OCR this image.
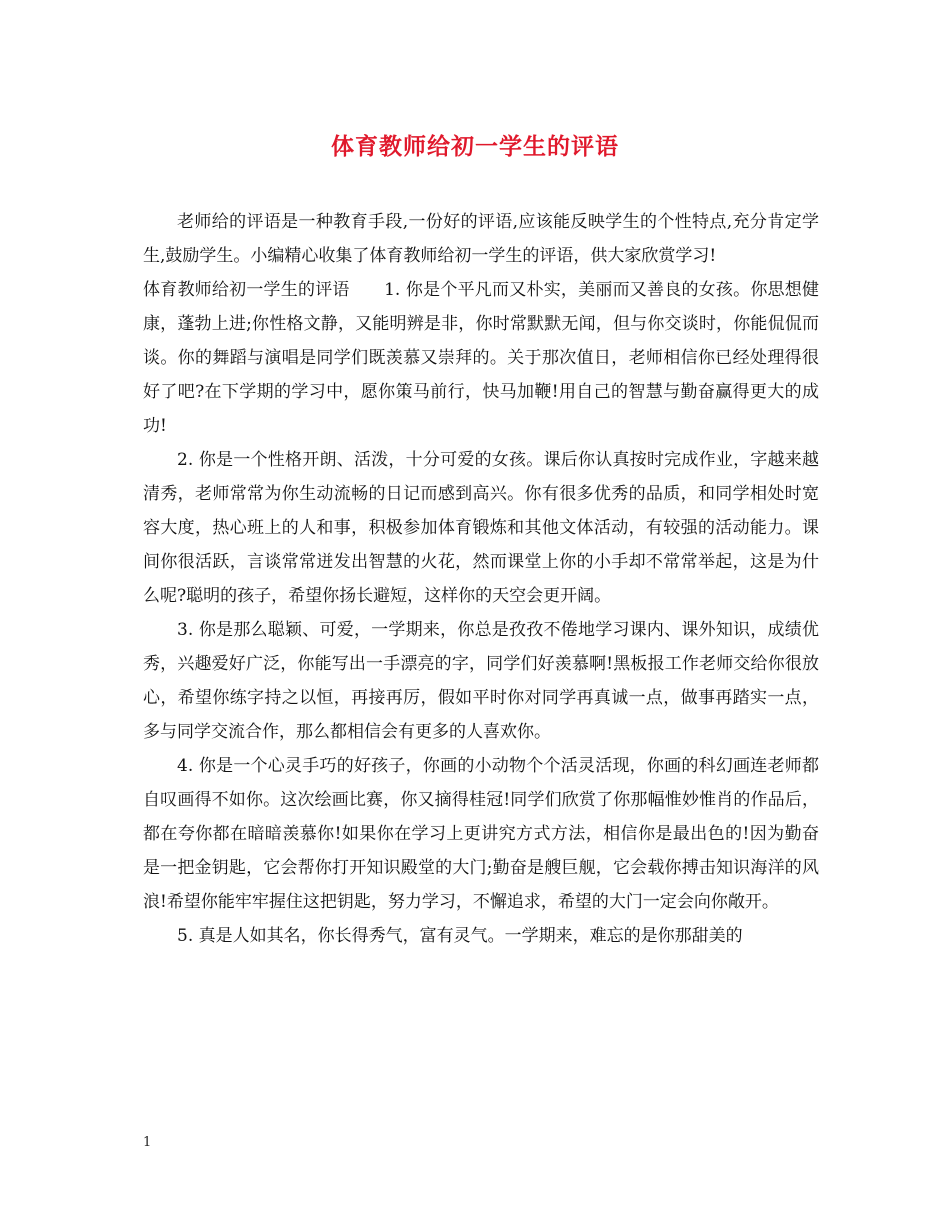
体育教师给初一学生的评语

老师给的评语是一种教育手段,一份好的评语,应该能反映学生的个性特点,充分肯定学生,鼓励学生。小编精心收集了体育教师给初一学生的评语，供大家欣赏学习!

体育教师给初一学生的评语　　1. 你是个平凡而又朴实，美丽而又善良的女孩。你思想健康，蓬勃上进;你性格文静，又能明辨是非，你时常默默无闻，但与你交谈时，你能侃侃而谈。你的舞蹈与演唱是同学们既羡慕又崇拜的。关于那次值日，老师相信你已经处理得很好了吧?在下学期的学习中，愿你策马前行，快马加鞭!用自己的智慧与勤奋赢得更大的成功!

2. 你是一个性格开朗、活泼，十分可爱的女孩。课后你认真按时完成作业，字越来越清秀，老师常常为你生动流畅的日记而感到高兴。你有很多优秀的品质，和同学相处时宽容大度，热心班上的人和事，积极参加体育锻炼和其他文体活动，有较强的活动能力。课间你很活跃，言谈常常迸发出智慧的火花，然而课堂上你的小手却不常常举起，这是为什么呢?聪明的孩子，希望你扬长避短，这样你的天空会更开阔。

3. 你是那么聪颖、可爱，一学期来，你总是孜孜不倦地学习课内、课外知识，成绩优秀，兴趣爱好广泛，你能写出一手漂亮的字，同学们好羡慕啊!黑板报工作老师交给你很放心，希望你练字持之以恒，再接再厉，假如平时你对同学再真诚一点，做事再踏实一点，多与同学交流合作，那么都相信会有更多的人喜欢你。

4. 你是一个心灵手巧的好孩子，你画的小动物个个活灵活现，你画的科幻画连老师都自叹画得不如你。这次绘画比赛，你又摘得桂冠!同学们欣赏了你那幅惟妙惟肖的作品后，都在夸你都在暗暗羡慕你!如果你在学习上更讲究方式方法，相信你是最出色的!因为勤奋是一把金钥匙，它会帮你打开知识殿堂的大门;勤奋是艘巨舰，它会载你搏击知识海洋的风浪!希望你能牢牢握住这把钥匙，努力学习，不懈追求，希望的大门一定会向你敞开。

5. 真是人如其名，你长得秀气，富有灵气。一学期来，难忘的是你那甜美的

1
